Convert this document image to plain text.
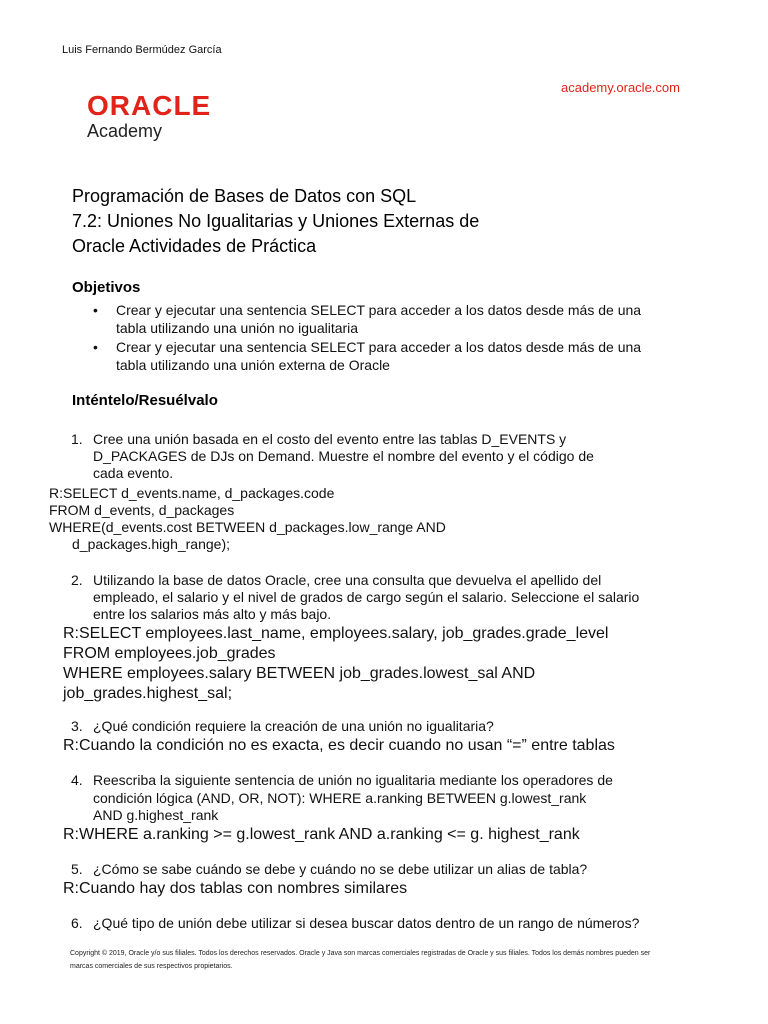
Luis Fernando Bermúdez García
academy.oracle.com
ORACLE
Academy
Programación de Bases de Datos con SQL
7.2: Uniones No Igualitarias y Uniones Externas de
Oracle Actividades de Práctica
Objetivos
• Crear y ejecutar una sentencia SELECT para acceder a los datos desde más de una
tabla utilizando una unión no igualitaria
• Crear y ejecutar una sentencia SELECT para acceder a los datos desde más de una
tabla utilizando una unión externa de Oracle
Inténtelo/Resuélvalo
1. Cree una unión basada en el costo del evento entre las tablas D_EVENTS y
D_PACKAGES de DJs on Demand. Muestre el nombre del evento y el código de
cada evento.
R:SELECT d_events.name, d_packages.code
FROM d_events, d_packages
WHERE(d_events.cost BETWEEN d_packages.low_range AND
d_packages.high_range);
2. Utilizando la base de datos Oracle, cree una consulta que devuelva el apellido del
empleado, el salario y el nivel de grados de cargo según el salario. Seleccione el salario
entre los salarios más alto y más bajo.
R:SELECT employees.last_name, employees.salary, job_grades.grade_level
FROM employees.job_grades
WHERE employees.salary BETWEEN job_grades.lowest_sal AND
job_grades.highest_sal;
3. ¿Qué condición requiere la creación de una unión no igualitaria?
R:Cuando la condición no es exacta, es decir cuando no usan “=” entre tablas
4. Reescriba la siguiente sentencia de unión no igualitaria mediante los operadores de
condición lógica (AND, OR, NOT): WHERE a.ranking BETWEEN g.lowest_rank
AND g.highest_rank
R:WHERE a.ranking >= g.lowest_rank AND a.ranking <= g. highest_rank
5. ¿Cómo se sabe cuándo se debe y cuándo no se debe utilizar un alias de tabla?
R:Cuando hay dos tablas con nombres similares
6. ¿Qué tipo de unión debe utilizar si desea buscar datos dentro de un rango de números?
Copyright © 2019, Oracle y/o sus filiales. Todos los derechos reservados. Oracle y Java son marcas comerciales registradas de Oracle y sus filiales. Todos los demás nombres pueden ser
marcas comerciales de sus respectivos propietarios.
